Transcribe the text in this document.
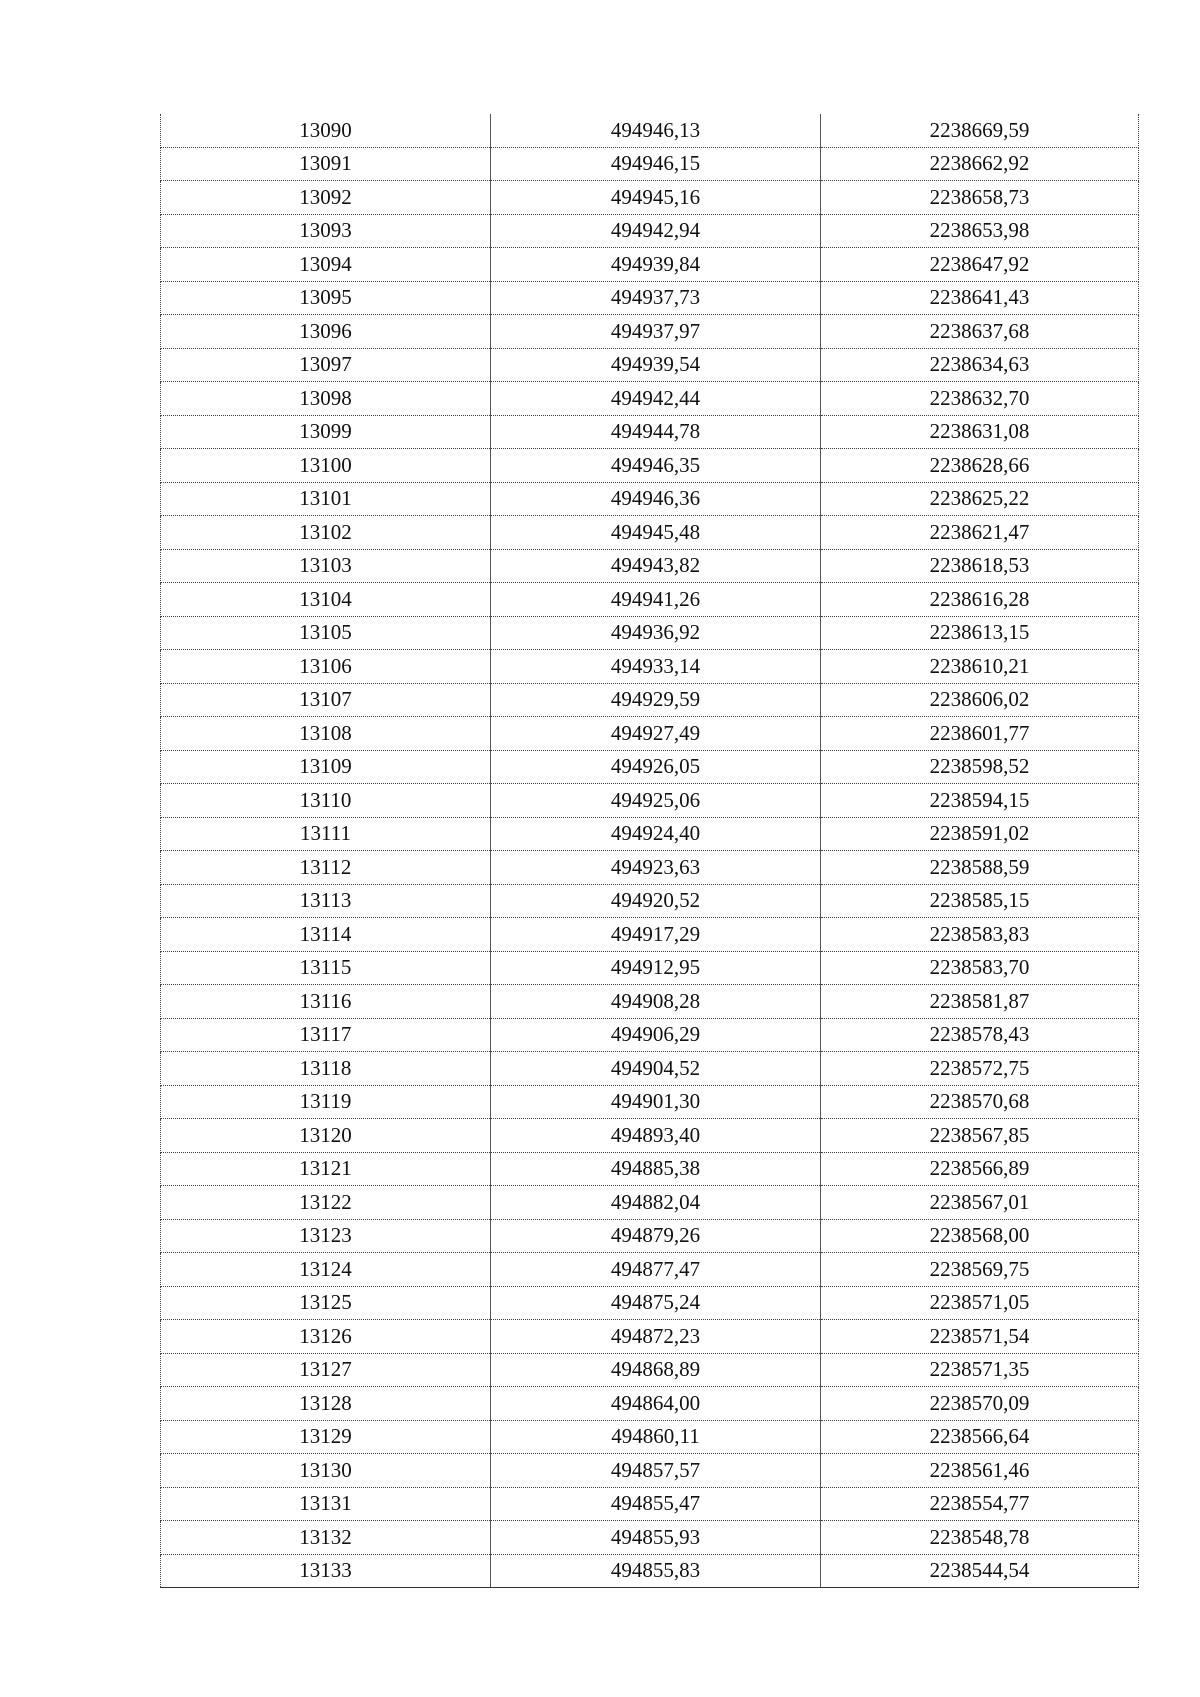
13090	494946,13	2238669,59
13091	494946,15	2238662,92
13092	494945,16	2238658,73
13093	494942,94	2238653,98
13094	494939,84	2238647,92
13095	494937,73	2238641,43
13096	494937,97	2238637,68
13097	494939,54	2238634,63
13098	494942,44	2238632,70
13099	494944,78	2238631,08
13100	494946,35	2238628,66
13101	494946,36	2238625,22
13102	494945,48	2238621,47
13103	494943,82	2238618,53
13104	494941,26	2238616,28
13105	494936,92	2238613,15
13106	494933,14	2238610,21
13107	494929,59	2238606,02
13108	494927,49	2238601,77
13109	494926,05	2238598,52
13110	494925,06	2238594,15
13111	494924,40	2238591,02
13112	494923,63	2238588,59
13113	494920,52	2238585,15
13114	494917,29	2238583,83
13115	494912,95	2238583,70
13116	494908,28	2238581,87
13117	494906,29	2238578,43
13118	494904,52	2238572,75
13119	494901,30	2238570,68
13120	494893,40	2238567,85
13121	494885,38	2238566,89
13122	494882,04	2238567,01
13123	494879,26	2238568,00
13124	494877,47	2238569,75
13125	494875,24	2238571,05
13126	494872,23	2238571,54
13127	494868,89	2238571,35
13128	494864,00	2238570,09
13129	494860,11	2238566,64
13130	494857,57	2238561,46
13131	494855,47	2238554,77
13132	494855,93	2238548,78
13133	494855,83	2238544,54
